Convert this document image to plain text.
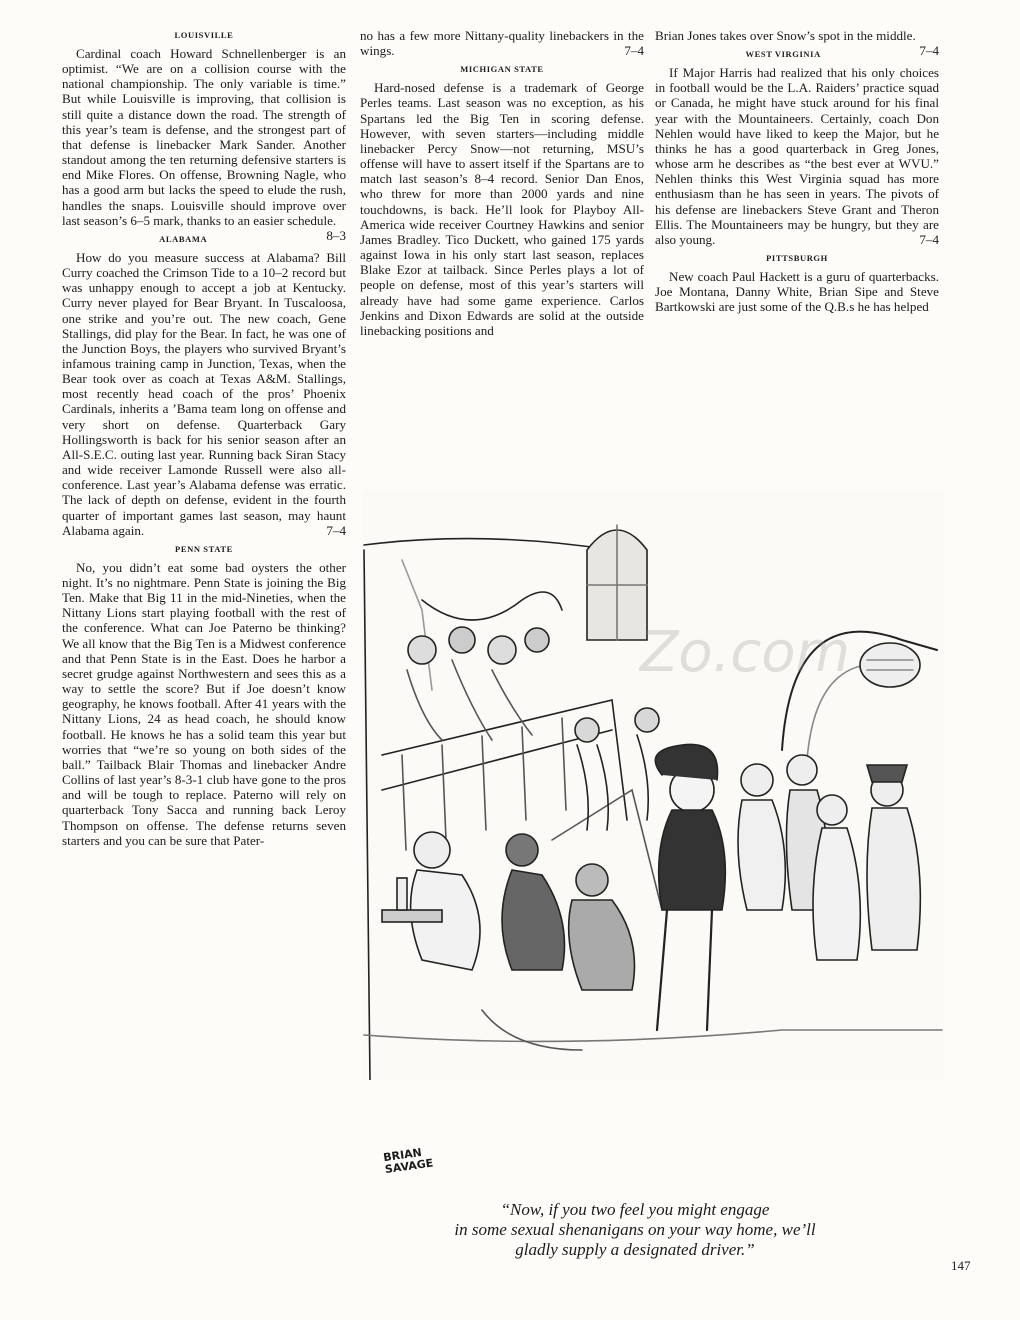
LOUISVILLE

Cardinal coach Howard Schnellenberger is an optimist. “We are on a collision course with the national championship. The only variable is time.” But while Louisville is improving, that collision is still quite a distance down the road. The strength of this year’s team is defense, and the strongest part of that defense is linebacker Mark Sander. Another standout among the ten returning defensive starters is end Mike Flores. On offense, Browning Nagle, who has a good arm but lacks the speed to elude the rush, handles the snaps. Louisville should improve over last season’s 6–5 mark, thanks to an easier schedule.
8–3

ALABAMA

How do you measure success at Alabama? Bill Curry coached the Crimson Tide to a 10–2 record but was unhappy enough to accept a job at Kentucky. Curry never played for Bear Bryant. In Tuscaloosa, one strike and you’re out. The new coach, Gene Stallings, did play for the Bear. In fact, he was one of the Junction Boys, the players who survived Bryant’s infamous training camp in Junction, Texas, when the Bear took over as coach at Texas A&M. Stallings, most recently head coach of the pros’ Phoenix Cardinals, inherits a ’Bama team long on offense and very short on defense. Quarterback Gary Hollingsworth is back for his senior season after an All-S.E.C. outing last year. Running back Siran Stacy and wide receiver Lamonde Russell were also all-conference. Last year’s Alabama defense was erratic. The lack of depth on defense, evident in the fourth quarter of important games last season, may haunt Alabama again.	7–4

PENN STATE

No, you didn’t eat some bad oysters the other night. It’s no nightmare. Penn State is joining the Big Ten. Make that Big 11 in the mid-Nineties, when the Nittany Lions start playing football with the rest of the conference. What can Joe Paterno be thinking? We all know that the Big Ten is a Midwest conference and that Penn State is in the East. Does he harbor a secret grudge against Northwestern and sees this as a way to settle the score? But if Joe doesn’t know geography, he knows football. After 41 years with the Nittany Lions, 24 as head coach, he should know football. He knows he has a solid team this year but worries that “we’re so young on both sides of the ball.” Tailback Blair Thomas and linebacker Andre Collins of last year’s 8-3-1 club have gone to the pros and will be tough to replace. Paterno will rely on quarterback Tony Sacca and running back Leroy Thompson on offense. The defense returns seven starters and you can be sure that Pater-

no has a few more Nittany-quality linebackers in the wings.	7–4

MICHIGAN STATE

Hard-nosed defense is a trademark of George Perles teams. Last season was no exception, as his Spartans led the Big Ten in scoring defense. However, with seven starters—including middle linebacker Percy Snow—not returning, MSU’s offense will have to assert itself if the Spartans are to match last season’s 8–4 record. Senior Dan Enos, who threw for more than 2000 yards and nine touchdowns, is back. He’ll look for Playboy All-America wide receiver Courtney Hawkins and senior James Bradley. Tico Duckett, who gained 175 yards against Iowa in his only start last season, replaces Blake Ezor at tailback. Since Perles plays a lot of people on defense, most of this year’s starters will already have had some game experience. Carlos Jenkins and Dixon Edwards are solid at the outside linebacking positions and

Brian Jones takes over Snow’s spot in the middle.
7–4

WEST VIRGINIA

If Major Harris had realized that his only choices in football would be the L.A. Raiders’ practice squad or Canada, he might have stuck around for his final year with the Mountaineers. Certainly, coach Don Nehlen would have liked to keep the Major, but he thinks he has a good quarterback in Greg Jones, whose arm he describes as “the best ever at WVU.” Nehlen thinks this West Virginia squad has more enthusiasm than he has seen in years. The pivots of his defense are linebackers Steve Grant and Theron Ellis. The Mountaineers may be hungry, but they are also young.	7–4

PITTSBURGH

New coach Paul Hackett is a guru of quarterbacks. Joe Montana, Danny White, Brian Sipe and Steve Bartkowski are just some of the Q.B.s he has helped

Zo.com
BRIAN SAVAGE
“Now, if you two feel you might engage
in some sexual shenanigans on your way home, we’ll
gladly supply a designated driver.”
147
